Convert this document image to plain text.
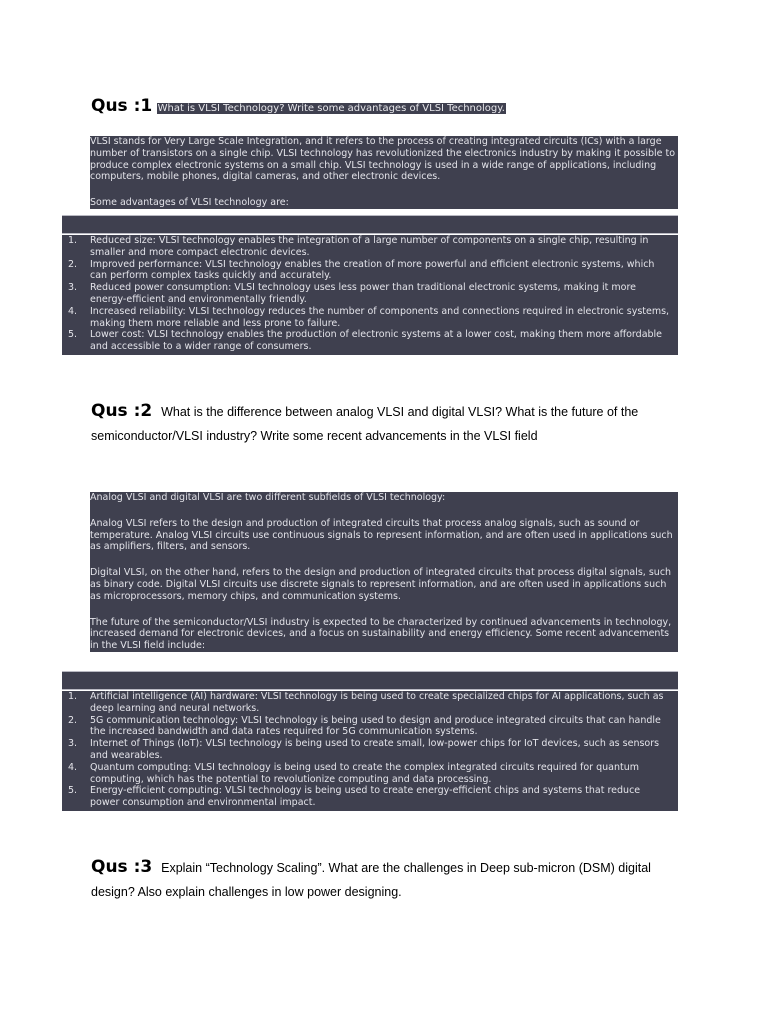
Qus :1 What is VLSI Technology? Write some advantages of VLSI Technology.

VLSI stands for Very Large Scale Integration, and it refers to the process of creating integrated circuits (ICs) with a large number of transistors on a single chip. VLSI technology has revolutionized the electronics industry by making it possible to produce complex electronic systems on a small chip. VLSI technology is used in a wide range of applications, including computers, mobile phones, digital cameras, and other electronic devices.

Some advantages of VLSI technology are:

1. Reduced size: VLSI technology enables the integration of a large number of components on a single chip, resulting in smaller and more compact electronic devices.
2. Improved performance: VLSI technology enables the creation of more powerful and efficient electronic systems, which can perform complex tasks quickly and accurately.
3. Reduced power consumption: VLSI technology uses less power than traditional electronic systems, making it more energy-efficient and environmentally friendly.
4. Increased reliability: VLSI technology reduces the number of components and connections required in electronic systems, making them more reliable and less prone to failure.
5. Lower cost: VLSI technology enables the production of electronic systems at a lower cost, making them more affordable and accessible to a wider range of consumers.
Qus :2 What is the difference between analog VLSI and digital VLSI? What is the future of the semiconductor/VLSI industry? Write some recent advancements in the VLSI field

Analog VLSI and digital VLSI are two different subfields of VLSI technology:

Analog VLSI refers to the design and production of integrated circuits that process analog signals, such as sound or temperature. Analog VLSI circuits use continuous signals to represent information, and are often used in applications such as amplifiers, filters, and sensors.

Digital VLSI, on the other hand, refers to the design and production of integrated circuits that process digital signals, such as binary code. Digital VLSI circuits use discrete signals to represent information, and are often used in applications such as microprocessors, memory chips, and communication systems.

The future of the semiconductor/VLSI industry is expected to be characterized by continued advancements in technology, increased demand for electronic devices, and a focus on sustainability and energy efficiency. Some recent advancements in the VLSI field include:

1. Artificial intelligence (AI) hardware: VLSI technology is being used to create specialized chips for AI applications, such as deep learning and neural networks.
2. 5G communication technology: VLSI technology is being used to design and produce integrated circuits that can handle the increased bandwidth and data rates required for 5G communication systems.
3. Internet of Things (IoT): VLSI technology is being used to create small, low-power chips for IoT devices, such as sensors and wearables.
4. Quantum computing: VLSI technology is being used to create the complex integrated circuits required for quantum computing, which has the potential to revolutionize computing and data processing.
5. Energy-efficient computing: VLSI technology is being used to create energy-efficient chips and systems that reduce power consumption and environmental impact.
Qus :3 Explain “Technology Scaling”. What are the challenges in Deep sub-micron (DSM) digital design? Also explain challenges in low power designing.
